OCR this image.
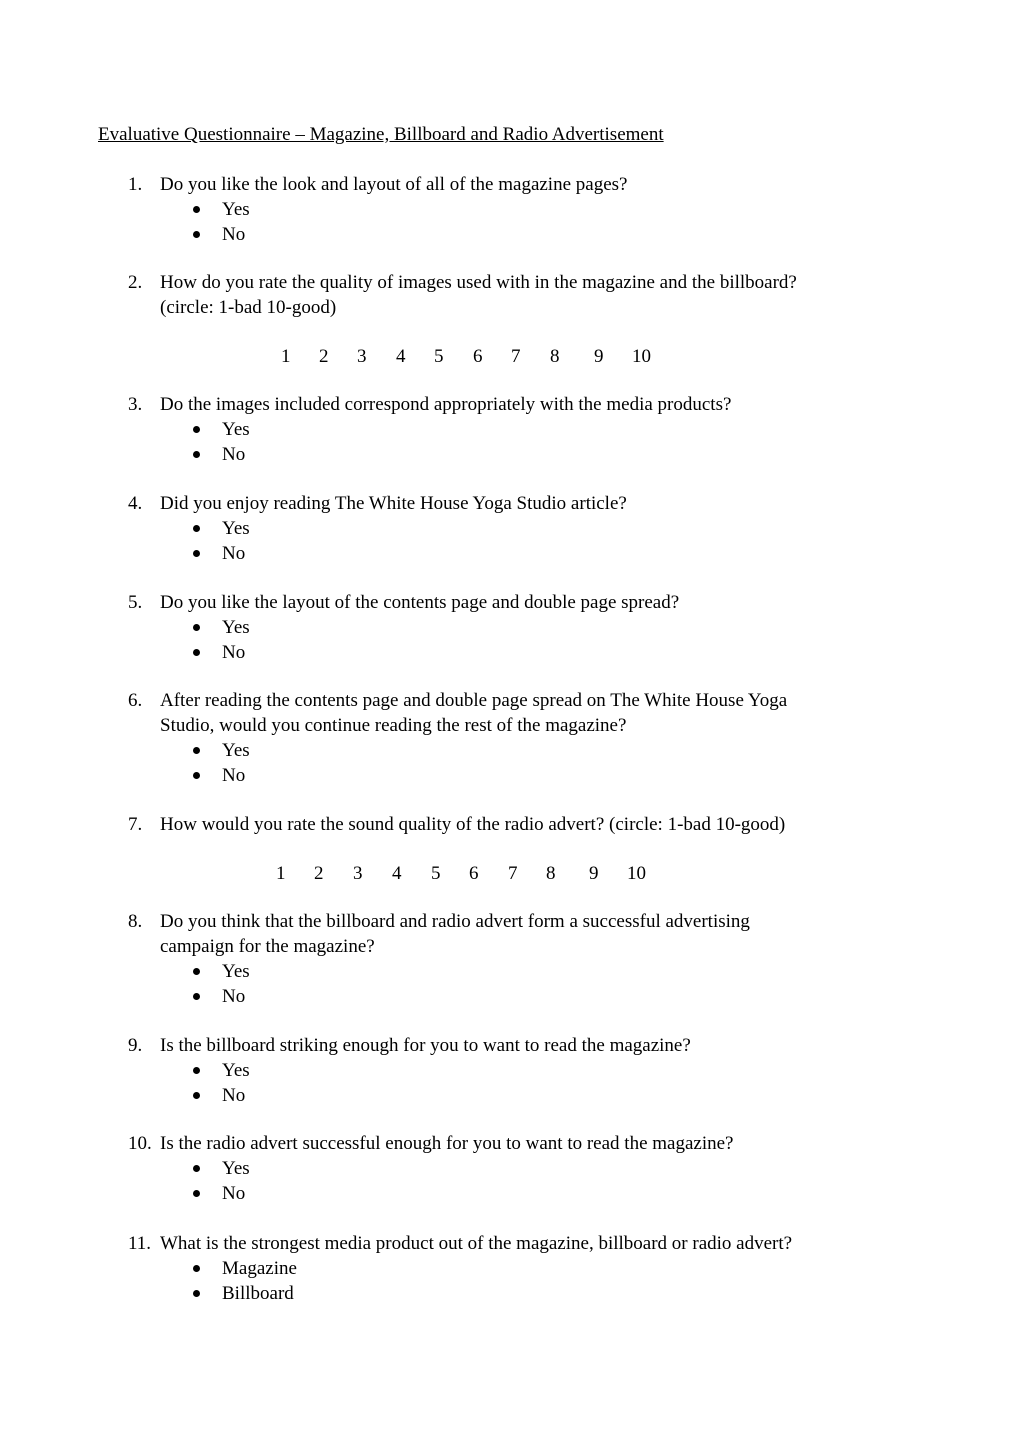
Evaluative Questionnaire – Magazine, Billboard and Radio Advertisement
1. Do you like the look and layout of all of the magazine pages?
Yes
No
2. How do you rate the quality of images used with in the magazine and the billboard?
(circle: 1-bad 10-good)
1 2 3 4 5 6 7 8 9 10
3. Do the images included correspond appropriately with the media products?
Yes
No
4. Did you enjoy reading The White House Yoga Studio article?
Yes
No
5. Do you like the layout of the contents page and double page spread?
Yes
No
6. After reading the contents page and double page spread on The White House Yoga
Studio, would you continue reading the rest of the magazine?
Yes
No
7. How would you rate the sound quality of the radio advert? (circle: 1-bad 10-good)
1 2 3 4 5 6 7 8 9 10
8. Do you think that the billboard and radio advert form a successful advertising
campaign for the magazine?
Yes
No
9. Is the billboard striking enough for you to want to read the magazine?
Yes
No
10. Is the radio advert successful enough for you to want to read the magazine?
Yes
No
11. What is the strongest media product out of the magazine, billboard or radio advert?
Magazine
Billboard
